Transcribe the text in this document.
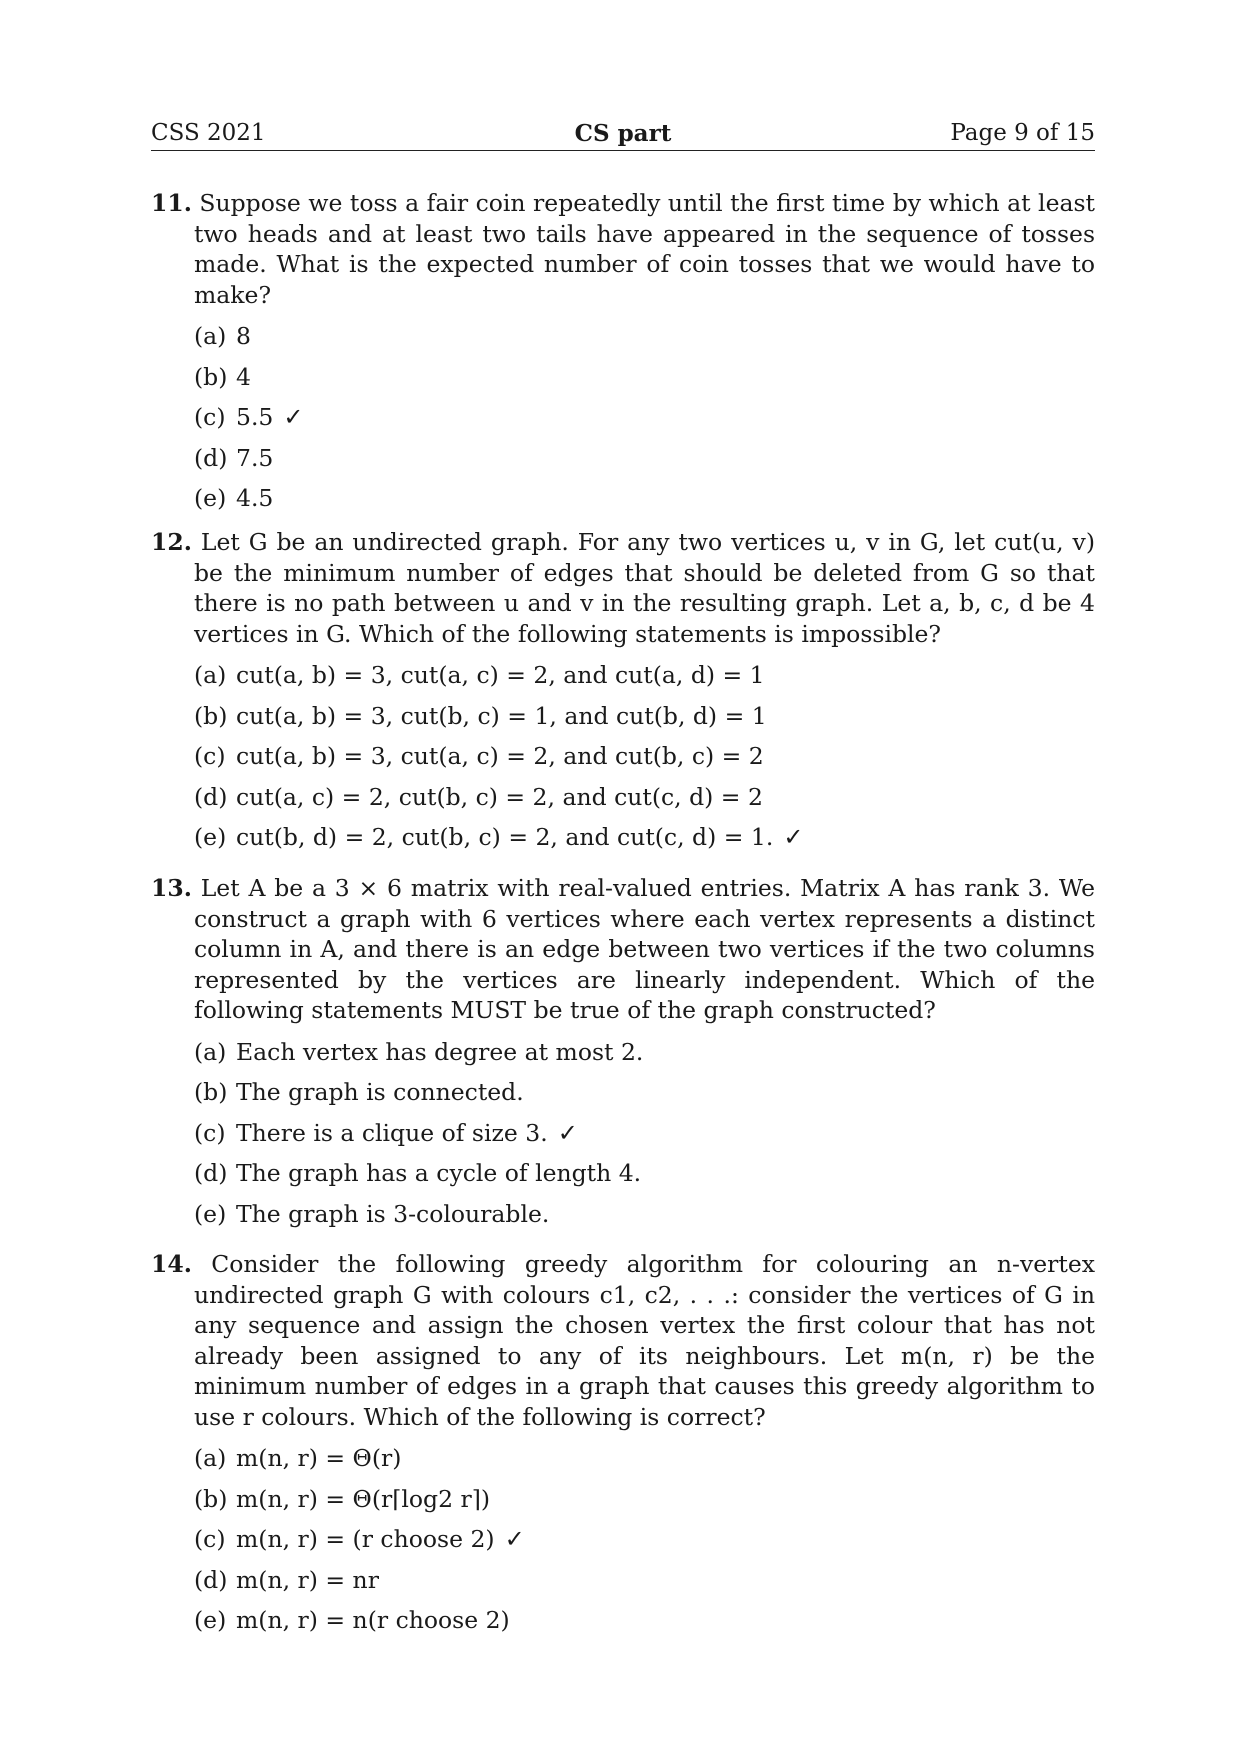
CSS 2021	CS part	Page 9 of 15
11. Suppose we toss a fair coin repeatedly until the first time by which at least two heads and at least two tails have appeared in the sequence of tosses made. What is the expected number of coin tosses that we would have to make?
(a) 8
(b) 4
(c) 5.5 ✓
(d) 7.5
(e) 4.5
12. Let G be an undirected graph. For any two vertices u, v in G, let cut(u, v) be the minimum number of edges that should be deleted from G so that there is no path between u and v in the resulting graph. Let a, b, c, d be 4 vertices in G. Which of the following statements is impossible?
(a) cut(a, b) = 3, cut(a, c) = 2, and cut(a, d) = 1
(b) cut(a, b) = 3, cut(b, c) = 1, and cut(b, d) = 1
(c) cut(a, b) = 3, cut(a, c) = 2, and cut(b, c) = 2
(d) cut(a, c) = 2, cut(b, c) = 2, and cut(c, d) = 2
(e) cut(b, d) = 2, cut(b, c) = 2, and cut(c, d) = 1. ✓
13. Let A be a 3 × 6 matrix with real-valued entries. Matrix A has rank 3. We construct a graph with 6 vertices where each vertex represents a distinct column in A, and there is an edge between two vertices if the two columns represented by the vertices are linearly independent. Which of the following statements MUST be true of the graph constructed?
(a) Each vertex has degree at most 2.
(b) The graph is connected.
(c) There is a clique of size 3. ✓
(d) The graph has a cycle of length 4.
(e) The graph is 3-colourable.
14. Consider the following greedy algorithm for colouring an n-vertex undirected graph G with colours c1, c2, . . .: consider the vertices of G in any sequence and assign the chosen vertex the first colour that has not already been assigned to any of its neighbours. Let m(n, r) be the minimum number of edges in a graph that causes this greedy algorithm to use r colours. Which of the following is correct?
(a) m(n, r) = Θ(r)
(b) m(n, r) = Θ(r⌈log2 r⌉)
(c) m(n, r) = (r choose 2) ✓
(d) m(n, r) = nr
(e) m(n, r) = n(r choose 2)
